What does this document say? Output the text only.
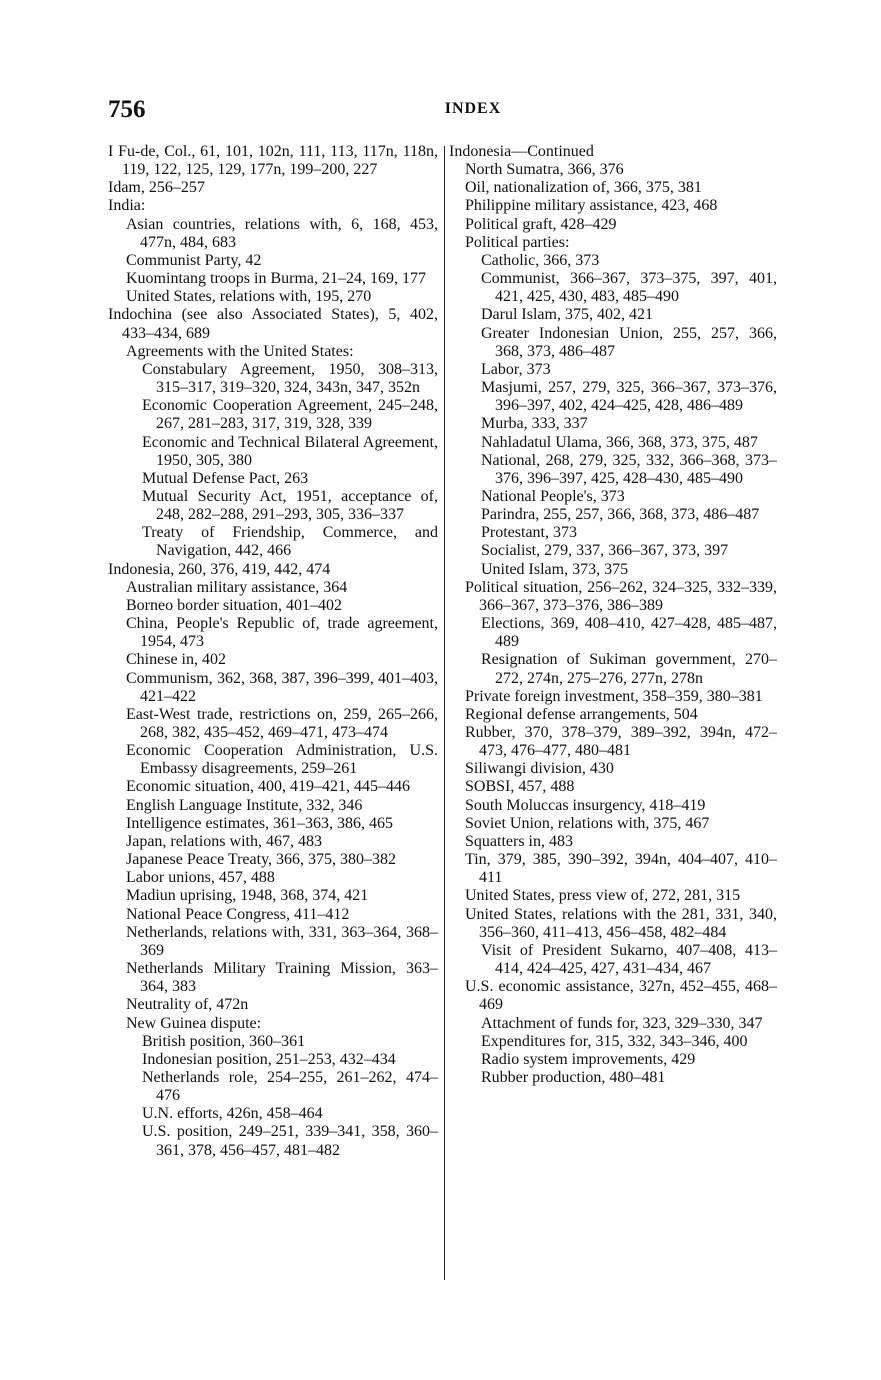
756	INDEX
I Fu-de, Col., 61, 101, 102n, 111, 113, 117n, 118n, 119, 122, 125, 129, 177n, 199–200, 227
Idam, 256–257
India:
Asian countries, relations with, 6, 168, 453, 477n, 484, 683
Communist Party, 42
Kuomintang troops in Burma, 21–24, 169, 177
United States, relations with, 195, 270
Indochina (see also Associated States), 5, 402, 433–434, 689
Agreements with the United States:
Constabulary Agreement, 1950, 308–313, 315–317, 319–320, 324, 343n, 347, 352n
Economic Cooperation Agreement, 245–248, 267, 281–283, 317, 319, 328, 339
Economic and Technical Bilateral Agreement, 1950, 305, 380
Mutual Defense Pact, 263
Mutual Security Act, 1951, acceptance of, 248, 282–288, 291–293, 305, 336–337
Treaty of Friendship, Commerce, and Navigation, 442, 466
Indonesia, 260, 376, 419, 442, 474
Australian military assistance, 364
Borneo border situation, 401–402
China, People's Republic of, trade agreement, 1954, 473
Chinese in, 402
Communism, 362, 368, 387, 396–399, 401–403, 421–422
East-West trade, restrictions on, 259, 265–266, 268, 382, 435–452, 469–471, 473–474
Economic Cooperation Administration, U.S. Embassy disagreements, 259–261
Economic situation, 400, 419–421, 445–446
English Language Institute, 332, 346
Intelligence estimates, 361–363, 386, 465
Japan, relations with, 467, 483
Japanese Peace Treaty, 366, 375, 380–382
Labor unions, 457, 488
Madiun uprising, 1948, 368, 374, 421
National Peace Congress, 411–412
Netherlands, relations with, 331, 363–364, 368–369
Netherlands Military Training Mission, 363–364, 383
Neutrality of, 472n
New Guinea dispute:
British position, 360–361
Indonesian position, 251–253, 432–434
Netherlands role, 254–255, 261–262, 474–476
U.N. efforts, 426n, 458–464
U.S. position, 249–251, 339–341, 358, 360–361, 378, 456–457, 481–482
Indonesia—Continued
North Sumatra, 366, 376
Oil, nationalization of, 366, 375, 381
Philippine military assistance, 423, 468
Political graft, 428–429
Political parties:
Catholic, 366, 373
Communist, 366–367, 373–375, 397, 401, 421, 425, 430, 483, 485–490
Darul Islam, 375, 402, 421
Greater Indonesian Union, 255, 257, 366, 368, 373, 486–487
Labor, 373
Masjumi, 257, 279, 325, 366–367, 373–376, 396–397, 402, 424–425, 428, 486–489
Murba, 333, 337
Nahladatul Ulama, 366, 368, 373, 375, 487
National, 268, 279, 325, 332, 366–368, 373–376, 396–397, 425, 428–430, 485–490
National People's, 373
Parindra, 255, 257, 366, 368, 373, 486–487
Protestant, 373
Socialist, 279, 337, 366–367, 373, 397
United Islam, 373, 375
Political situation, 256–262, 324–325, 332–339, 366–367, 373–376, 386–389
Elections, 369, 408–410, 427–428, 485–487, 489
Resignation of Sukiman government, 270–272, 274n, 275–276, 277n, 278n
Private foreign investment, 358–359, 380–381
Regional defense arrangements, 504
Rubber, 370, 378–379, 389–392, 394n, 472–473, 476–477, 480–481
Siliwangi division, 430
SOBSI, 457, 488
South Moluccas insurgency, 418–419
Soviet Union, relations with, 375, 467
Squatters in, 483
Tin, 379, 385, 390–392, 394n, 404–407, 410–411
United States, press view of, 272, 281, 315
United States, relations with the 281, 331, 340, 356–360, 411–413, 456–458, 482–484
Visit of President Sukarno, 407–408, 413–414, 424–425, 427, 431–434, 467
U.S. economic assistance, 327n, 452–455, 468–469
Attachment of funds for, 323, 329–330, 347
Expenditures for, 315, 332, 343–346, 400
Radio system improvements, 429
Rubber production, 480–481
